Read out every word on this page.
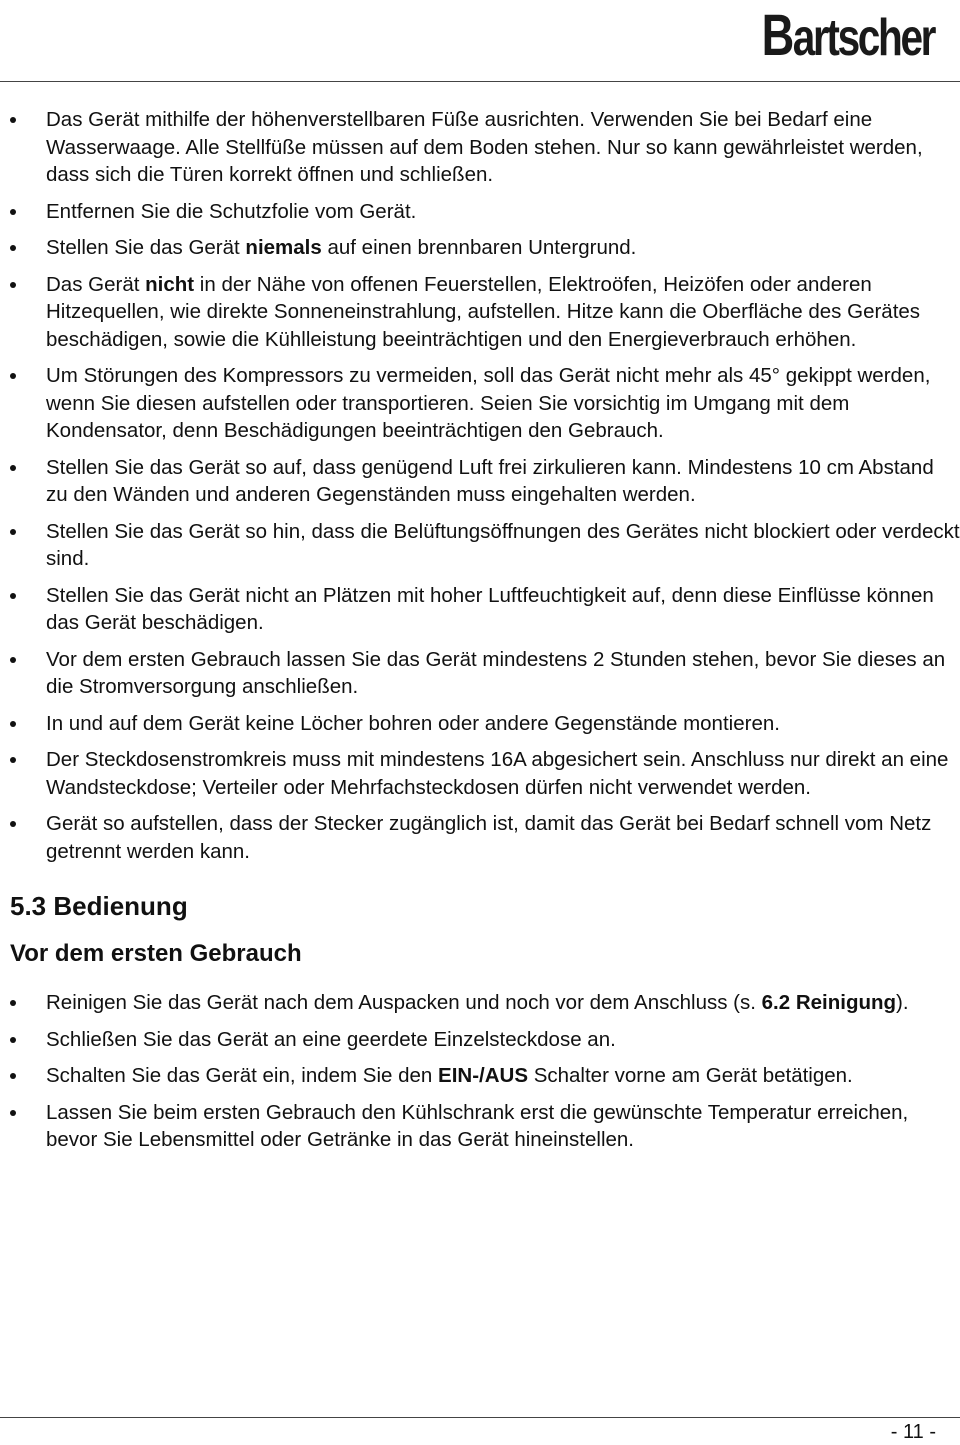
Bartscher
Das Gerät mithilfe der höhenverstellbaren Füße ausrichten. Verwenden Sie bei Bedarf eine Wasserwaage. Alle Stellfüße müssen auf dem Boden stehen. Nur so kann gewährleistet werden, dass sich die Türen korrekt öffnen und schließen.
Entfernen Sie die Schutzfolie vom Gerät.
Stellen Sie das Gerät niemals auf einen brennbaren Untergrund.
Das Gerät nicht in der Nähe von offenen Feuerstellen, Elektroöfen, Heizöfen oder anderen Hitzequellen, wie direkte Sonneneinstrahlung, aufstellen. Hitze kann die Oberfläche des Gerätes beschädigen, sowie die Kühlleistung beeinträchtigen und den Energieverbrauch erhöhen.
Um Störungen des Kompressors zu vermeiden, soll das Gerät nicht mehr als 45° gekippt werden, wenn Sie diesen aufstellen oder transportieren. Seien Sie vorsichtig im Umgang mit dem Kondensator, denn Beschädigungen beeinträchtigen den Gebrauch.
Stellen Sie das Gerät so auf, dass genügend Luft frei zirkulieren kann. Mindestens 10 cm Abstand zu den Wänden und anderen Gegenständen muss eingehalten werden.
Stellen Sie das Gerät so hin, dass die Belüftungsöffnungen des Gerätes nicht blockiert oder verdeckt sind.
Stellen Sie das Gerät nicht an Plätzen mit hoher Luftfeuchtigkeit auf, denn diese Einflüsse können das Gerät beschädigen.
Vor dem ersten Gebrauch lassen Sie das Gerät mindestens 2 Stunden stehen, bevor Sie dieses an die Stromversorgung anschließen.
In und auf dem Gerät keine Löcher bohren oder andere Gegenstände montieren.
Der Steckdosenstromkreis muss mit mindestens 16A abgesichert sein. Anschluss nur direkt an eine Wandsteckdose; Verteiler oder Mehrfachsteckdosen dürfen nicht verwendet werden.
Gerät so aufstellen, dass der Stecker zugänglich ist, damit das Gerät bei Bedarf schnell vom Netz getrennt werden kann.
5.3 Bedienung
Vor dem ersten Gebrauch
Reinigen Sie das Gerät nach dem Auspacken und noch vor dem Anschluss (s. 6.2 Reinigung).
Schließen Sie das Gerät an eine geerdete Einzelsteckdose an.
Schalten Sie das Gerät ein, indem Sie den EIN-/AUS Schalter vorne am Gerät betätigen.
Lassen Sie beim ersten Gebrauch den Kühlschrank erst die gewünschte Temperatur erreichen, bevor Sie Lebensmittel oder Getränke in das Gerät hineinstellen.
- 11 -
